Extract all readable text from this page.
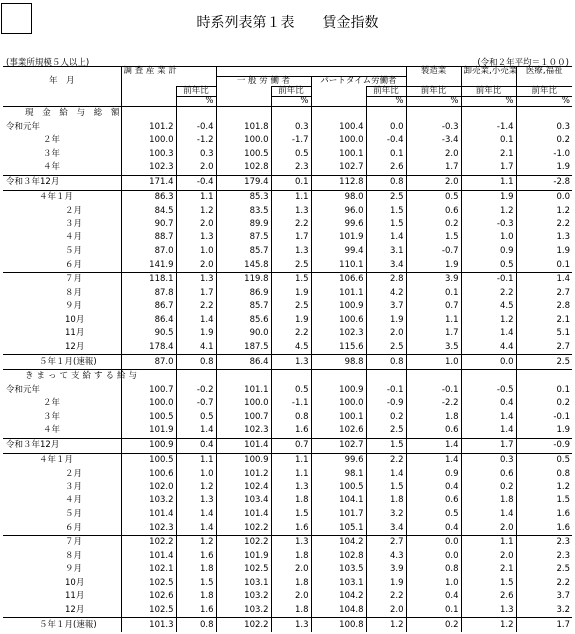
時系列表第１表　　賃金指数
(事業所規模５人以上)	(令和２年平均＝１００)
	調 査 産 業 計						製造業	卸売業,小売業	医療,福祉
年　月			一 般 労 働 者		パートタイム労働者				
		前年比		前年比		前年比	前年比	前年比	前年比
		%		%		%	%	%	%
現 金 給 与 総 額									
令和元年	101.2	-0.4	101.8	0.3	100.4	0.0	-0.3	-1.4	0.3
２年	100.0	-1.2	100.0	-1.7	100.0	-0.4	-3.4	0.1	0.2
３年	100.3	0.3	100.5	0.5	100.1	0.1	2.0	2.1	-1.0
４年	102.3	2.0	102.8	2.3	102.7	2.6	1.7	1.7	1.9
令和３年12月	171.4	-0.4	179.4	0.1	112.8	0.8	2.0	1.1	-2.8
４年１月	86.3	1.1	85.3	1.1	98.0	2.5	0.5	1.9	0.0
２月	84.5	1.2	83.5	1.3	96.0	1.5	0.6	1.2	1.2
３月	90.7	2.0	89.9	2.2	99.6	1.5	0.2	-0.3	2.2
４月	88.7	1.3	87.5	1.7	101.9	1.4	1.5	1.0	1.3
５月	87.0	1.0	85.7	1.3	99.4	3.1	-0.7	0.9	1.9
６月	141.9	2.0	145.8	2.5	110.1	3.4	1.9	0.5	0.1
７月	118.1	1.3	119.8	1.5	106.6	2.8	3.9	-0.1	1.4
８月	87.8	1.7	86.9	1.9	101.1	4.2	0.1	2.2	2.7
９月	86.7	2.2	85.7	2.5	100.9	3.7	0.7	4.5	2.8
10月	86.4	1.4	85.6	1.9	100.6	1.9	1.1	1.2	2.1
11月	90.5	1.9	90.0	2.2	102.3	2.0	1.7	1.4	5.1
12月	178.4	4.1	187.5	4.5	115.6	2.5	3.5	4.4	2.7
５年１月(速報)	87.0	0.8	86.4	1.3	98.8	0.8	1.0	0.0	2.5
きまって支給する給与									
令和元年	100.7	-0.2	101.1	0.5	100.9	-0.1	-0.1	-0.5	0.1
２年	100.0	-0.7	100.0	-1.1	100.0	-0.9	-2.2	0.4	0.2
３年	100.5	0.5	100.7	0.8	100.1	0.2	1.8	1.4	-0.1
４年	101.9	1.4	102.3	1.6	102.6	2.5	0.6	1.4	1.9
令和３年12月	100.9	0.4	101.4	0.7	102.7	1.5	1.4	1.7	-0.9
４年１月	100.5	1.1	100.9	1.1	99.6	2.2	1.4	0.3	0.5
２月	100.6	1.0	101.2	1.1	98.1	1.4	0.9	0.6	0.8
３月	102.0	1.2	102.4	1.3	100.5	1.5	0.4	0.2	1.2
４月	103.2	1.3	103.4	1.8	104.1	1.8	0.6	1.8	1.5
５月	101.4	1.4	101.4	1.5	101.7	3.2	0.5	1.4	1.6
６月	102.3	1.4	102.2	1.6	105.1	3.4	0.4	2.0	1.6
７月	102.2	1.2	102.2	1.3	104.2	2.7	0.0	1.1	2.3
８月	101.4	1.6	101.9	1.8	102.8	4.3	0.0	2.0	2.3
９月	102.1	1.8	102.5	2.0	103.5	3.9	0.8	2.1	2.5
10月	102.5	1.5	103.1	1.8	103.1	1.9	1.0	1.5	2.2
11月	102.6	1.8	103.2	2.0	104.2	2.2	0.4	2.6	3.7
12月	102.5	1.6	103.2	1.8	104.8	2.0	0.1	1.3	3.2
５年１月(速報)	101.3	0.8	102.2	1.3	100.8	1.2	0.2	1.2	1.7
